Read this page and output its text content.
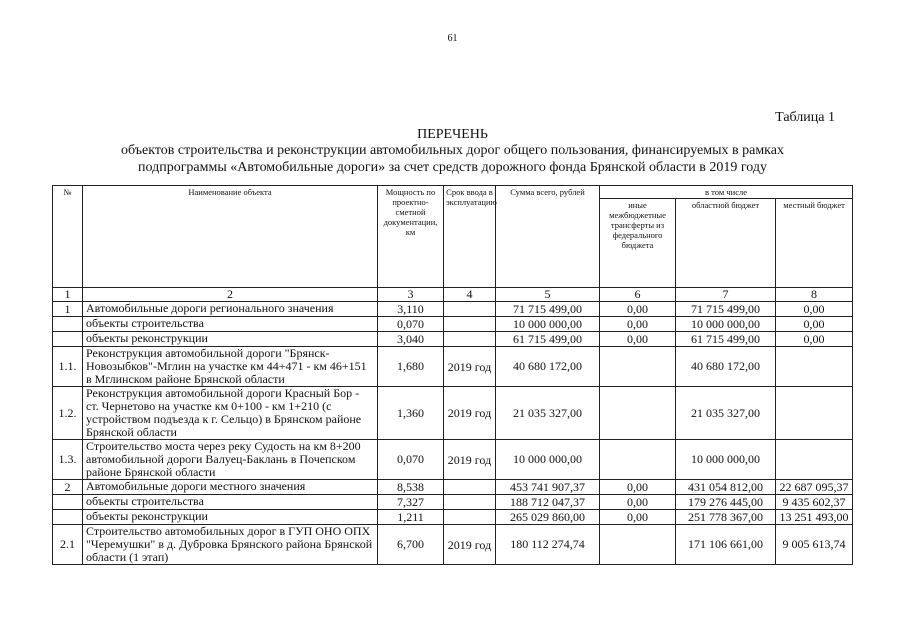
61
Таблица 1
ПЕРЕЧЕНЬ
объектов строительства и реконструкции автомобильных дорог общего пользования, финансируемых в рамках
подпрограммы «Автомобильные дороги» за счет средств дорожного фонда Брянской области в 2019 году
№	Наименование объекта	Мощность по проектно-сметной документации, км	Срок ввода в эксплуатацию	Сумма всего, рублей	в том числе		
					иные межбюджетные трансферты из федерального бюджета	областной бюджет	местный бюджет
1	2	3	4	5	6	7	8
1	Автомобильные дороги регионального значения	3,110		71 715 499,00	0,00	71 715 499,00	0,00
	объекты строительства	0,070		10 000 000,00	0,00	10 000 000,00	0,00
	объекты реконструкции	3,040		61 715 499,00	0,00	61 715 499,00	0,00
1.1.	Реконструкция автомобильной дороги "Брянск-Новозыбков"-Мглин на участке км 44+471 - км 46+151 в Мглинском районе Брянской области	1,680	2019 год	40 680 172,00		40 680 172,00	
1.2.	Реконструкция автомобильной дороги Красный Бор - ст. Чернетово на участке км 0+100 - км 1+210 (с устройством подъезда к г. Сельцо) в Брянском районе Брянской области	1,360	2019 год	21 035 327,00		21 035 327,00	
1.3.	Строительство моста через реку Судость на км 8+200 автомобильной дороги Валуец-Баклань в Почепском районе Брянской области	0,070	2019 год	10 000 000,00		10 000 000,00	
2	Автомобильные дороги местного значения	8,538		453 741 907,37	0,00	431 054 812,00	22 687 095,37
	объекты строительства	7,327		188 712 047,37	0,00	179 276 445,00	9 435 602,37
	объекты реконструкции	1,211		265 029 860,00	0,00	251 778 367,00	13 251 493,00
2.1	Строительство автомобильных дорог в ГУП ОНО ОПХ "Черемушки" в д. Дубровка Брянского района Брянской области (1 этап)	6,700	2019 год	180 112 274,74		171 106 661,00	9 005 613,74
